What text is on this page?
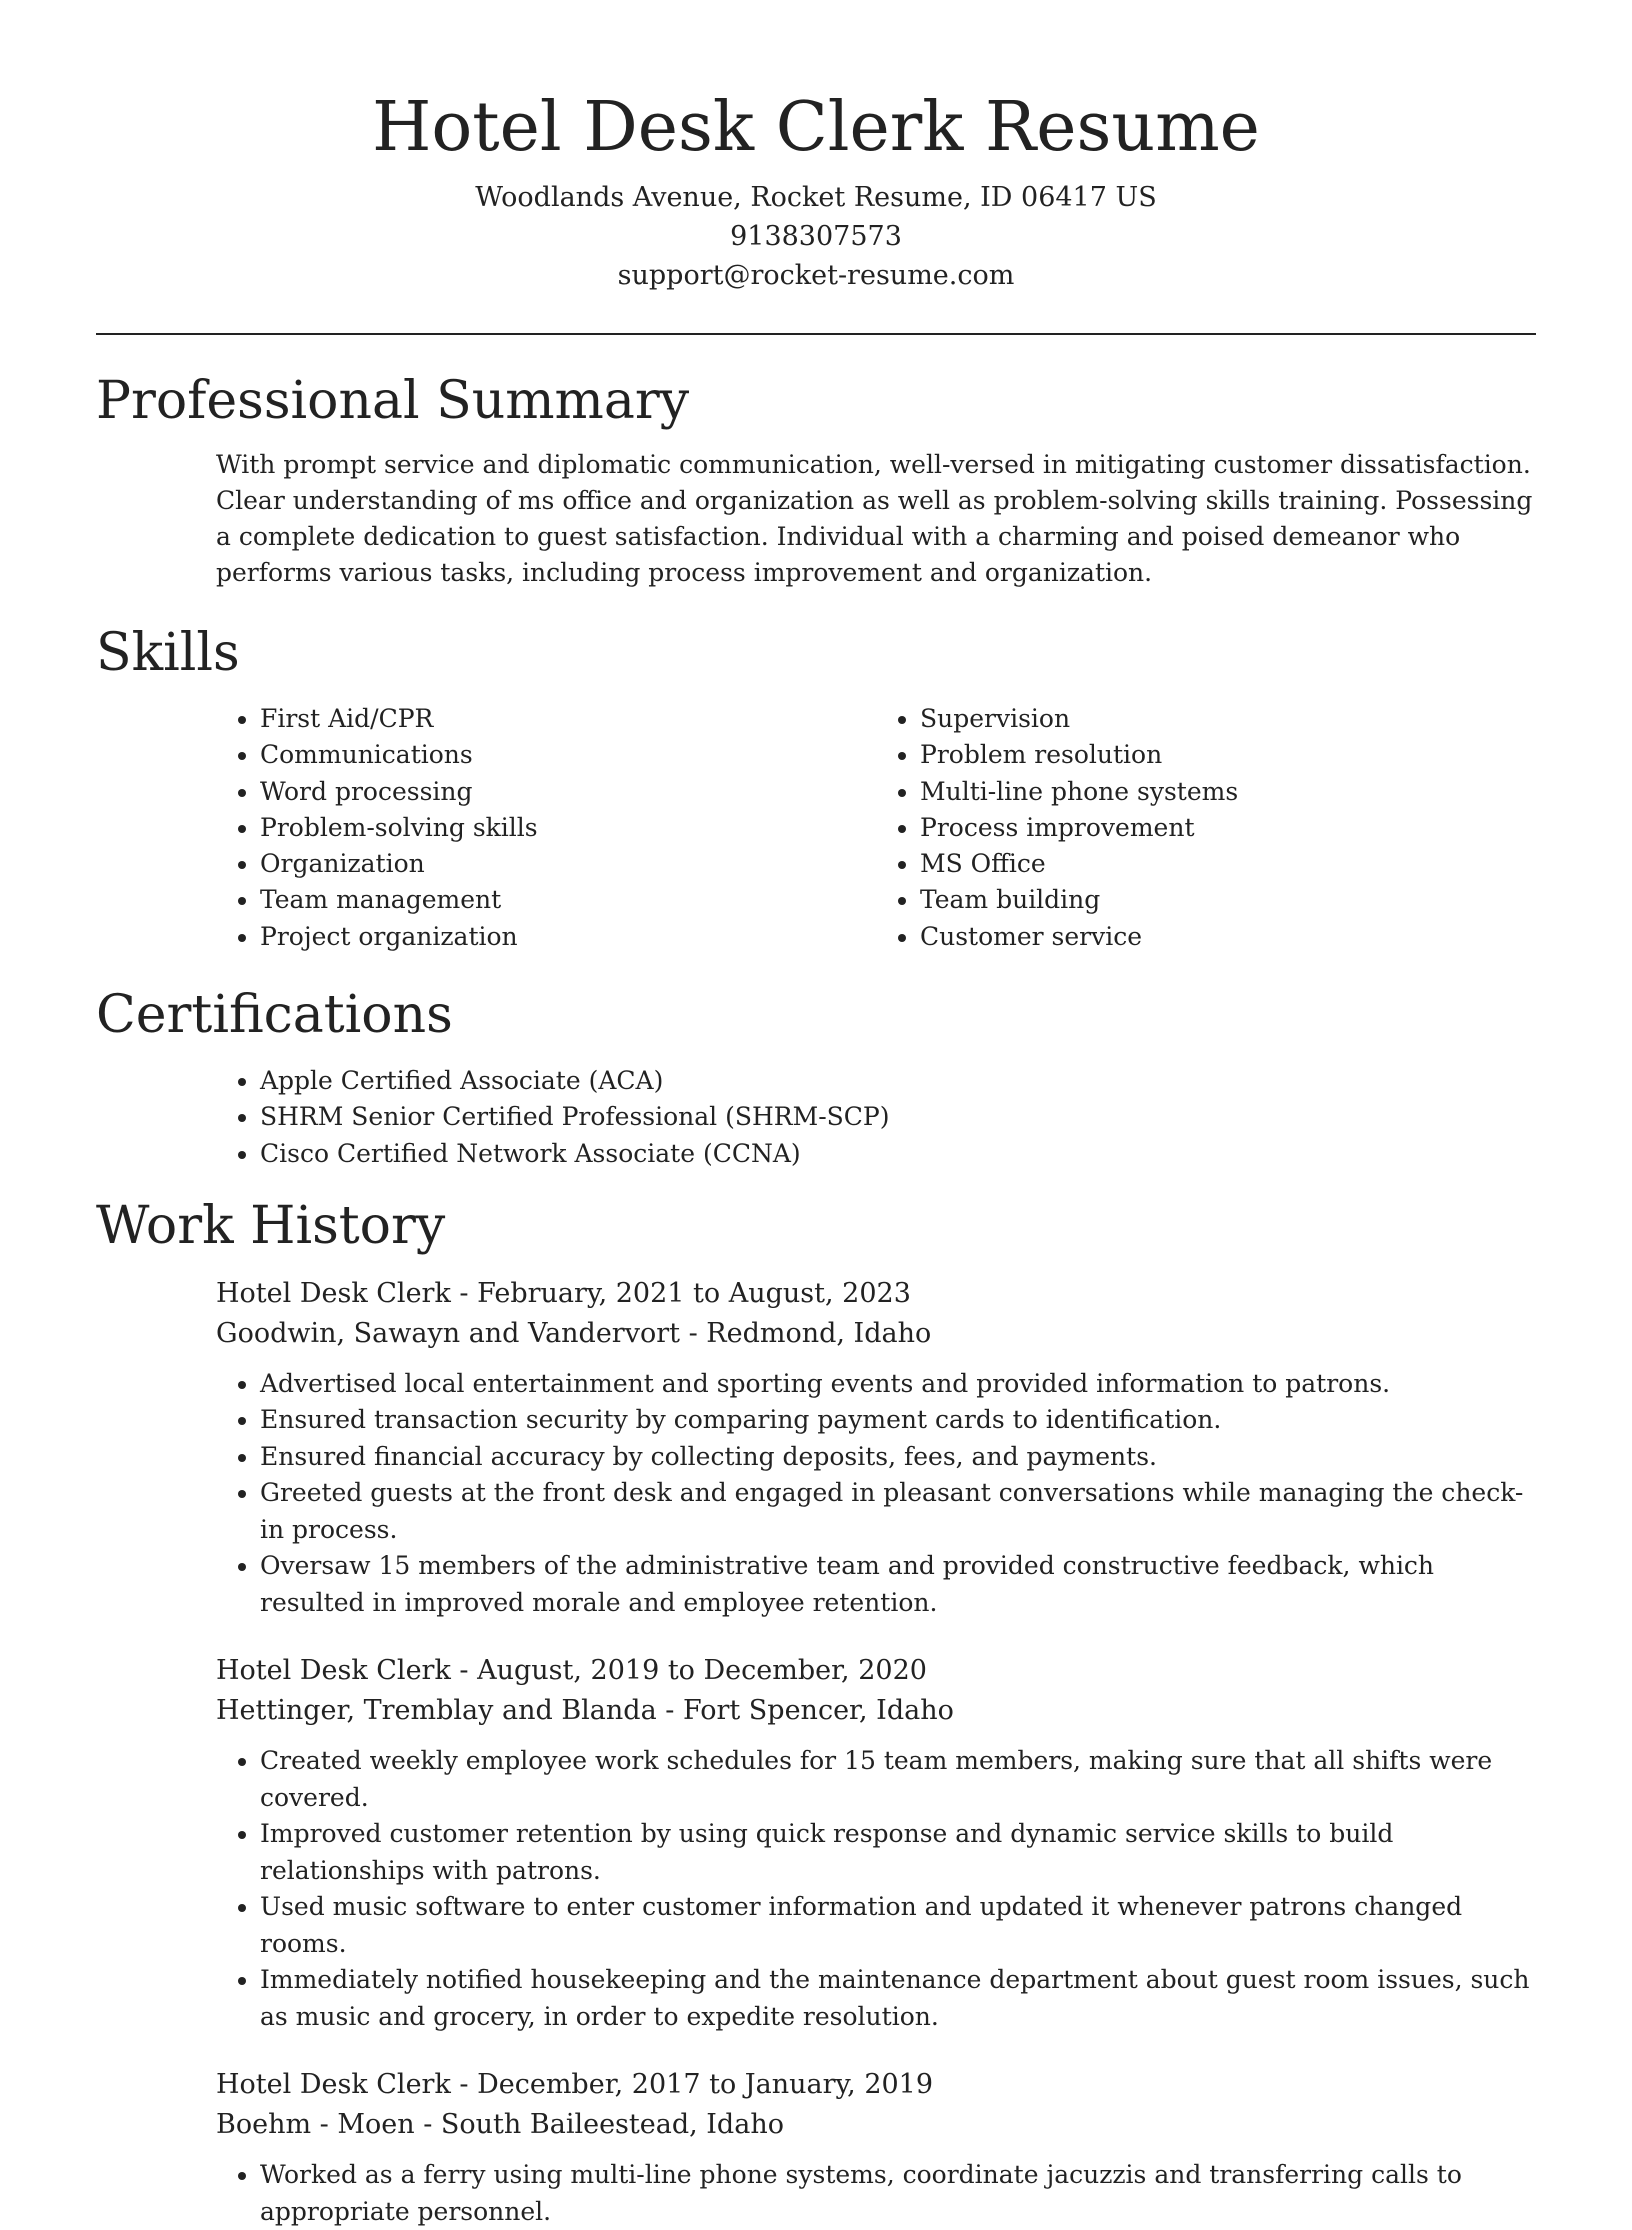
Hotel Desk Clerk Resume
Woodlands Avenue, Rocket Resume, ID 06417 US
9138307573
support@rocket-resume.com
Professional Summary

With prompt service and diplomatic communication, well-versed in mitigating customer dissatisfaction. Clear understanding of ms office and organization as well as problem-solving skills training. Possessing a complete dedication to guest satisfaction. Individual with a charming and poised demeanor who performs various tasks, including process improvement and organization.

Skills
• First Aid/CPR
• Communications
• Word processing
• Problem-solving skills
• Organization
• Team management
• Project organization
• Supervision
• Problem resolution
• Multi-line phone systems
• Process improvement
• MS Office
• Team building
• Customer service
Certifications
• Apple Certified Associate (ACA)
• SHRM Senior Certified Professional (SHRM-SCP)
• Cisco Certified Network Associate (CCNA)
Work History
Hotel Desk Clerk - February, 2021 to August, 2023
Goodwin, Sawayn and Vandervort - Redmond, Idaho
• Advertised local entertainment and sporting events and provided information to patrons.
• Ensured transaction security by comparing payment cards to identification.
• Ensured financial accuracy by collecting deposits, fees, and payments.
• Greeted guests at the front desk and engaged in pleasant conversations while managing the check-in process.
• Oversaw 15 members of the administrative team and provided constructive feedback, which resulted in improved morale and employee retention.
Hotel Desk Clerk - August, 2019 to December, 2020
Hettinger, Tremblay and Blanda - Fort Spencer, Idaho
• Created weekly employee work schedules for 15 team members, making sure that all shifts were covered.
• Improved customer retention by using quick response and dynamic service skills to build relationships with patrons.
• Used music software to enter customer information and updated it whenever patrons changed rooms.
• Immediately notified housekeeping and the maintenance department about guest room issues, such as music and grocery, in order to expedite resolution.
Hotel Desk Clerk - December, 2017 to January, 2019
Boehm - Moen - South Baileestead, Idaho
• Worked as a ferry using multi-line phone systems, coordinate jacuzzis and transferring calls to appropriate personnel.
